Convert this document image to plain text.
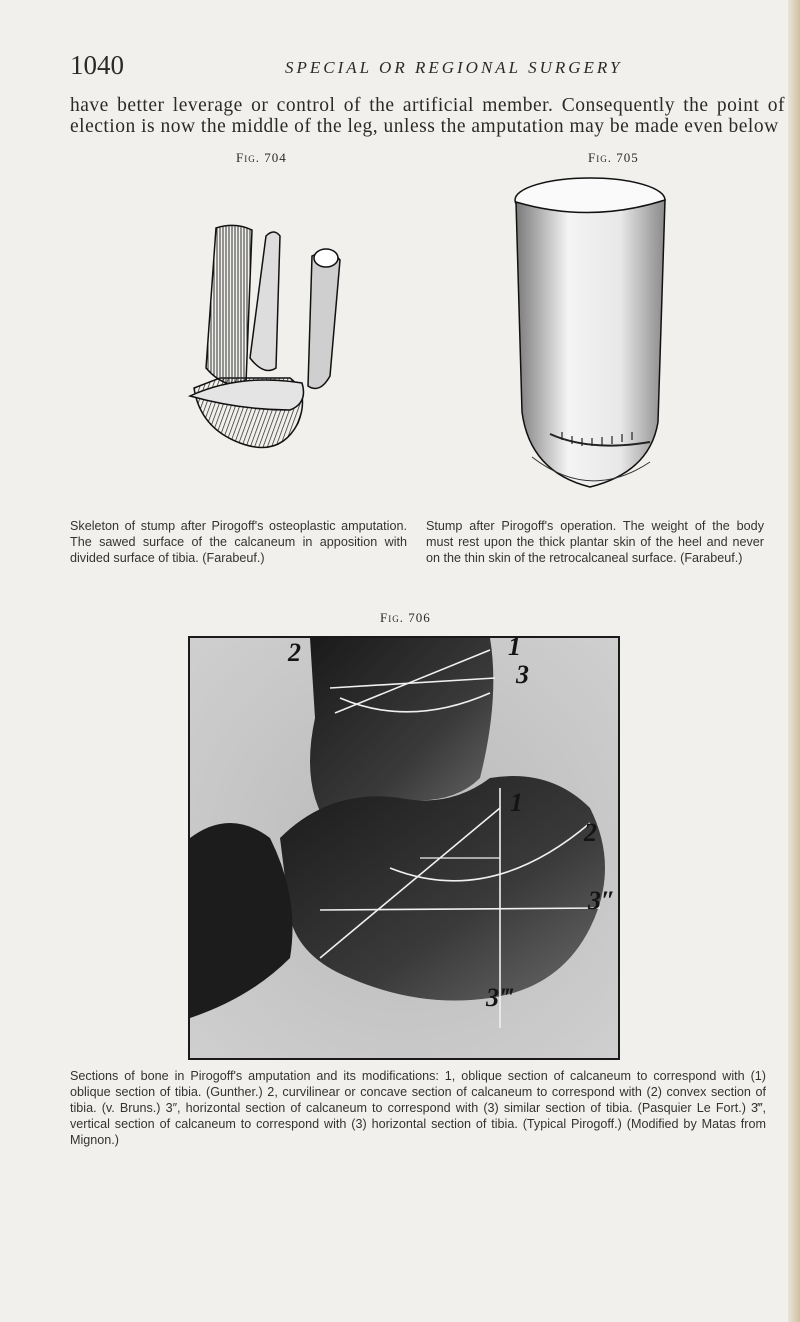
1040	SPECIAL OR REGIONAL SURGERY
have better leverage or control of the artificial member. Consequently the point of election is now the middle of the leg, unless the amputation may be made even below
Fig. 704
Skeleton of stump after Pirogoff's osteoplastic amputation. The sawed surface of the calcaneum in apposition with divided surface of tibia. (Farabeuf.)
Fig. 705
Stump after Pirogoff's operation. The weight of the body must rest upon the thick plantar skin of the heel and never on the thin skin of the retrocalcaneal surface. (Farabeuf.)
Fig. 706
2	1
3
1
2
3″
3‴
Sections of bone in Pirogoff's amputation and its modifications: 1, oblique section of calcaneum to correspond with (1) oblique section of tibia. (Gunther.) 2, curvilinear or concave section of calcaneum to correspond with (2) convex section of tibia. (v. Bruns.) 3″, horizontal section of calcaneum to correspond with (3) similar section of tibia. (Pasquier Le Fort.) 3‴, vertical section of calcaneum to correspond with (3) horizontal section of tibia. (Typical Pirogoff.) (Modified by Matas from Mignon.)
